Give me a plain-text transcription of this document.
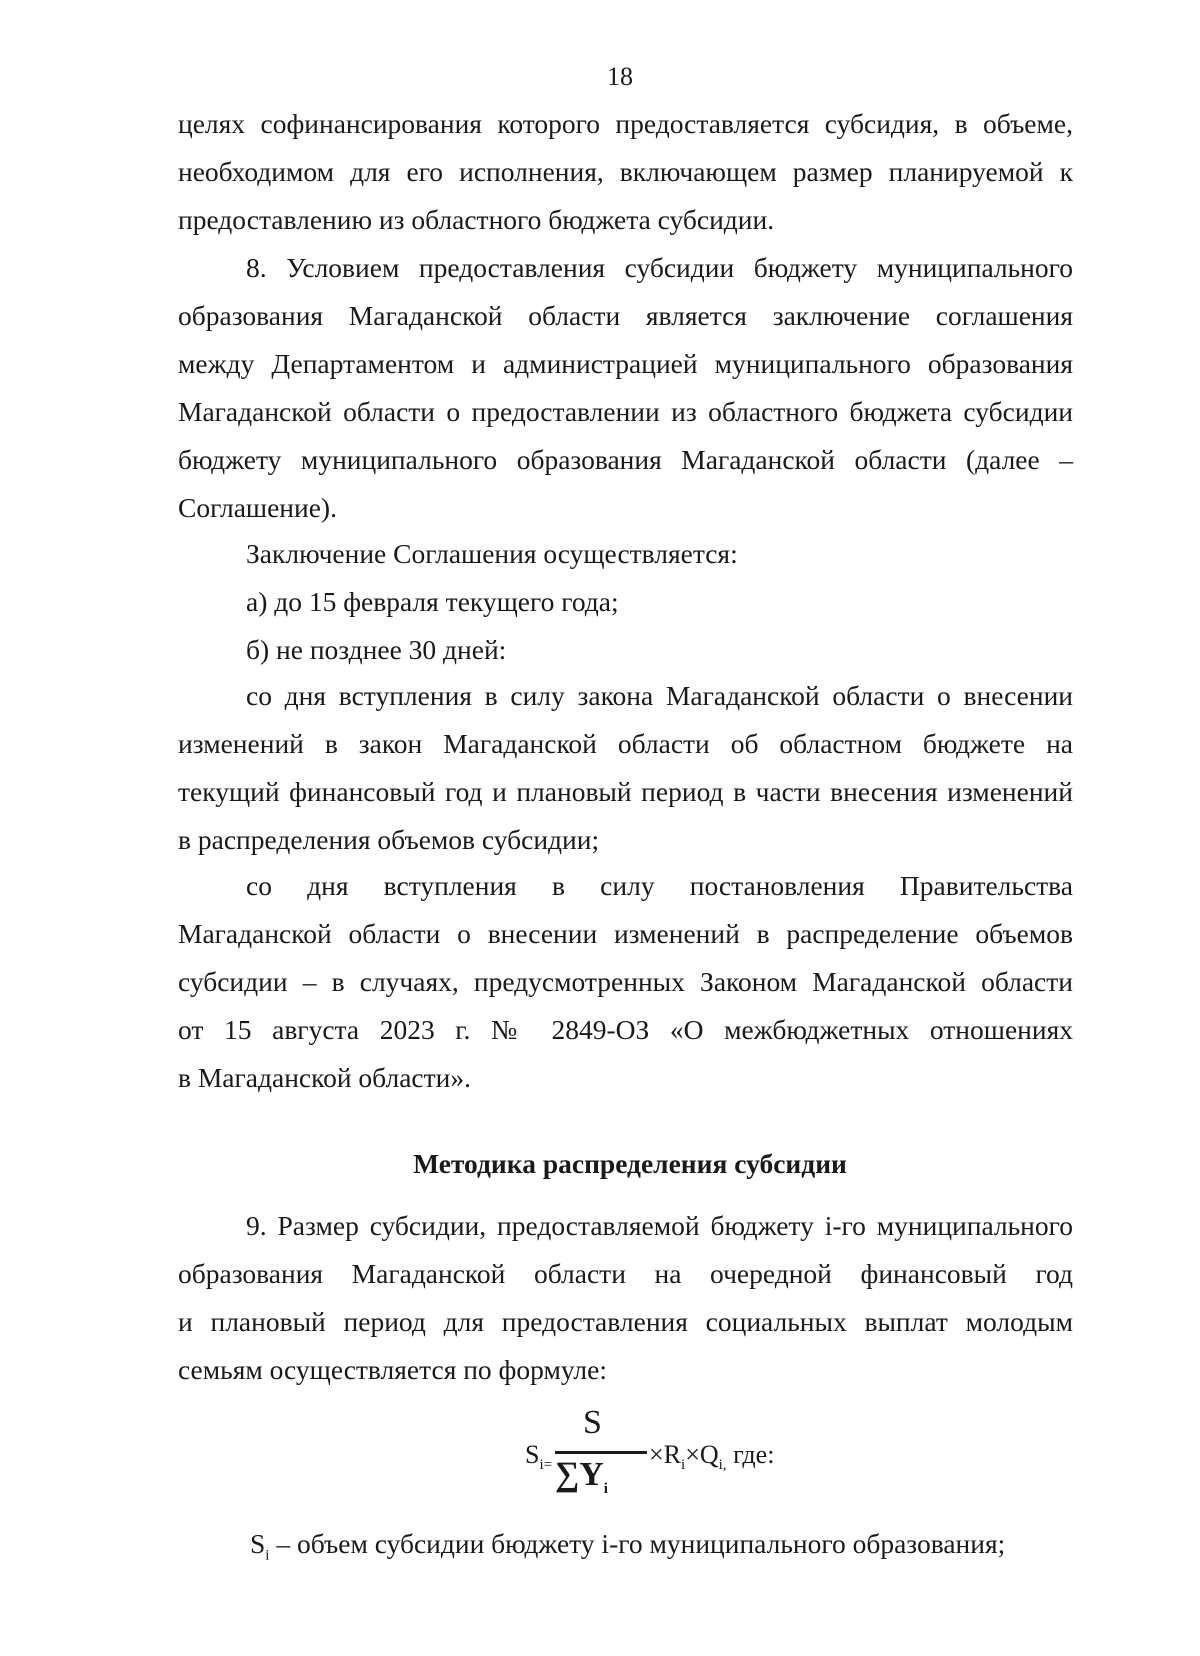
18
целях софинансирования которого предоставляется субсидия, в объеме,
необходимом для его исполнения, включающем размер планируемой к
предоставлению из областного бюджета субсидии.
8. Условием предоставления субсидии бюджету муниципального
образования Магаданской области является заключение соглашения
между Департаментом и администрацией муниципального образования
Магаданской области о предоставлении из областного бюджета субсидии
бюджету муниципального образования Магаданской области (далее –
Соглашение).
Заключение Соглашения осуществляется:
а) до 15 февраля текущего года;
б) не позднее 30 дней:
со дня вступления в силу закона Магаданской области о внесении
изменений в закон Магаданской области об областном бюджете на
текущий финансовый год и плановый период в части внесения изменений
в распределения объемов субсидии;
со дня вступления в силу постановления Правительства
Магаданской области о внесении изменений в распределение объемов
субсидии – в случаях, предусмотренных Законом Магаданской области
от 15 августа 2023 г. № 2849-ОЗ «О межбюджетных отношениях
в Магаданской области».
Методика распределения субсидии
9. Размер субсидии, предоставляемой бюджету i-го муниципального
образования Магаданской области на очередной финансовый год
и плановый период для предоставления социальных выплат молодым
семьям осуществляется по формуле:
S
$S_{i=}$ $\sum Y_i$
$\times R_i\times Q_{i,}$ где:
$S_i$ – объем субсидии бюджету i-го муниципального образования;
